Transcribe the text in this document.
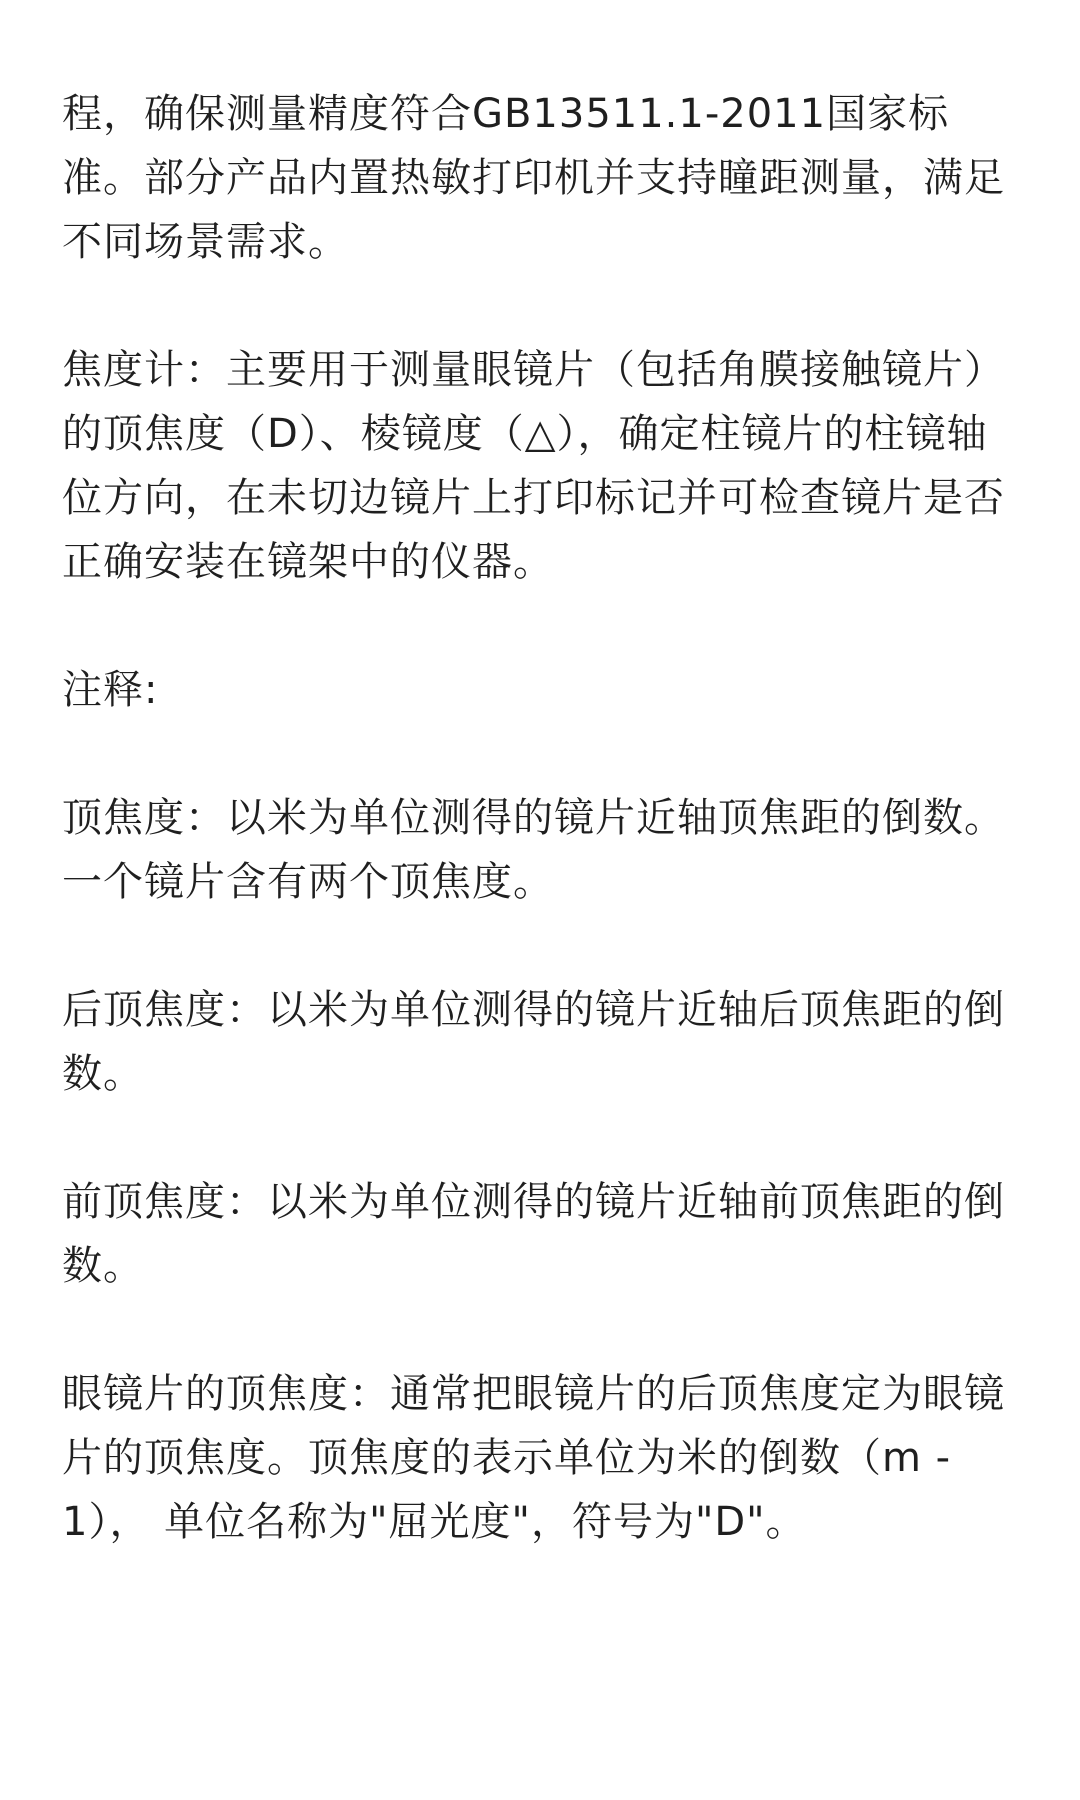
程，确保测量精度符合GB13511.1-2011国家标准。部分产品内置热敏打印机并支持瞳距测量，满足不同场景需求。

焦度计：主要用于测量眼镜片（包括角膜接触镜片）的顶焦度（D）、棱镜度（△），确定柱镜片的柱镜轴位方向，在未切边镜片上打印标记并可检查镜片是否正确安装在镜架中的仪器。

注释:

顶焦度：以米为单位测得的镜片近轴顶焦距的倒数。一个镜片含有两个顶焦度。

后顶焦度：以米为单位测得的镜片近轴后顶焦距的倒数。

前顶焦度：以米为单位测得的镜片近轴前顶焦距的倒数。

眼镜片的顶焦度：通常把眼镜片的后顶焦度定为眼镜片的顶焦度。顶焦度的表示单位为米的倒数（m - 1）， 单位名称为"屈光度"，符号为"D"。
